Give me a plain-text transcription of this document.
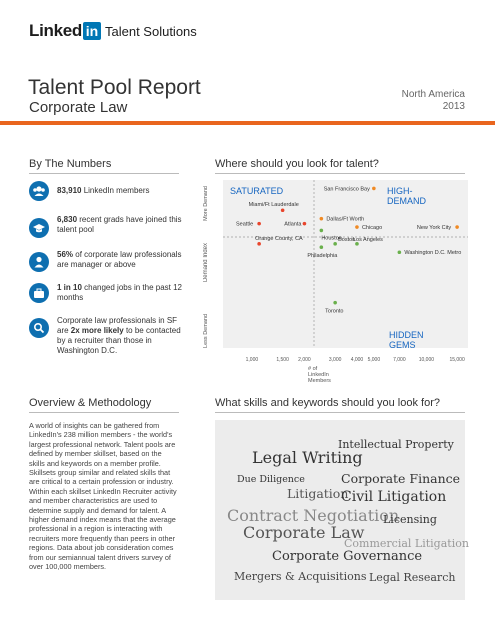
Linked in Talent Solutions
Talent Pool Report
Corporate Law
North America
2013
By The Numbers
83,910 LinkedIn members
6,830 recent grads have joined this talent pool
56% of corporate law professionals are manager or above
1 in 10 changed jobs in the past 12 months
Corporate law professionals in SF are 2x more likely to be contacted by a recruiter than those in Washington D.C.
Where should you look for talent?
San Francisco Bay
Miami/Ft Lauderdale
Seattle	Atlanta
Dallas/Ft Worth
Houston
Chicago	New York City
Orange County, CA	Boston
Los Angeles
Philadelphia	Washington D.C. Metro
Toronto
1,000	1,500 2,000	3,000 4,000 5,000	7,000	10,000	15,000
More Demand
Demand Index
Less Demand
SATURATED	HIGH-DEMAND
HIDDEN GEMS
# of LinkedIn Members
Overview & Methodology
A world of insights can be gathered from LinkedIn's 238 million members - the world's largest professional network. Talent pools are defined by member skillset, based on the skills and keywords on a member profile. Skillsets group similar and related skills that are critical to a certain profession or industry. Within each skillset LinkedIn Recruiter activity and member characteristics are used to determine supply and demand for talent. A higher demand index means that the average professional in a region is interacting with recruiters more frequently than peers in other regions. Data about job consideration comes from our semiannual talent drivers survey of over 100,000 members.
What skills and keywords should you look for?
Intellectual Property
Legal Writing
Due Diligence	Corporate Finance
Litigation
Civil Litigation
Contract Negotiation
Licensing
Corporate Law
Commercial Litigation
Corporate Governance
Mergers & Acquisitions Legal Research
